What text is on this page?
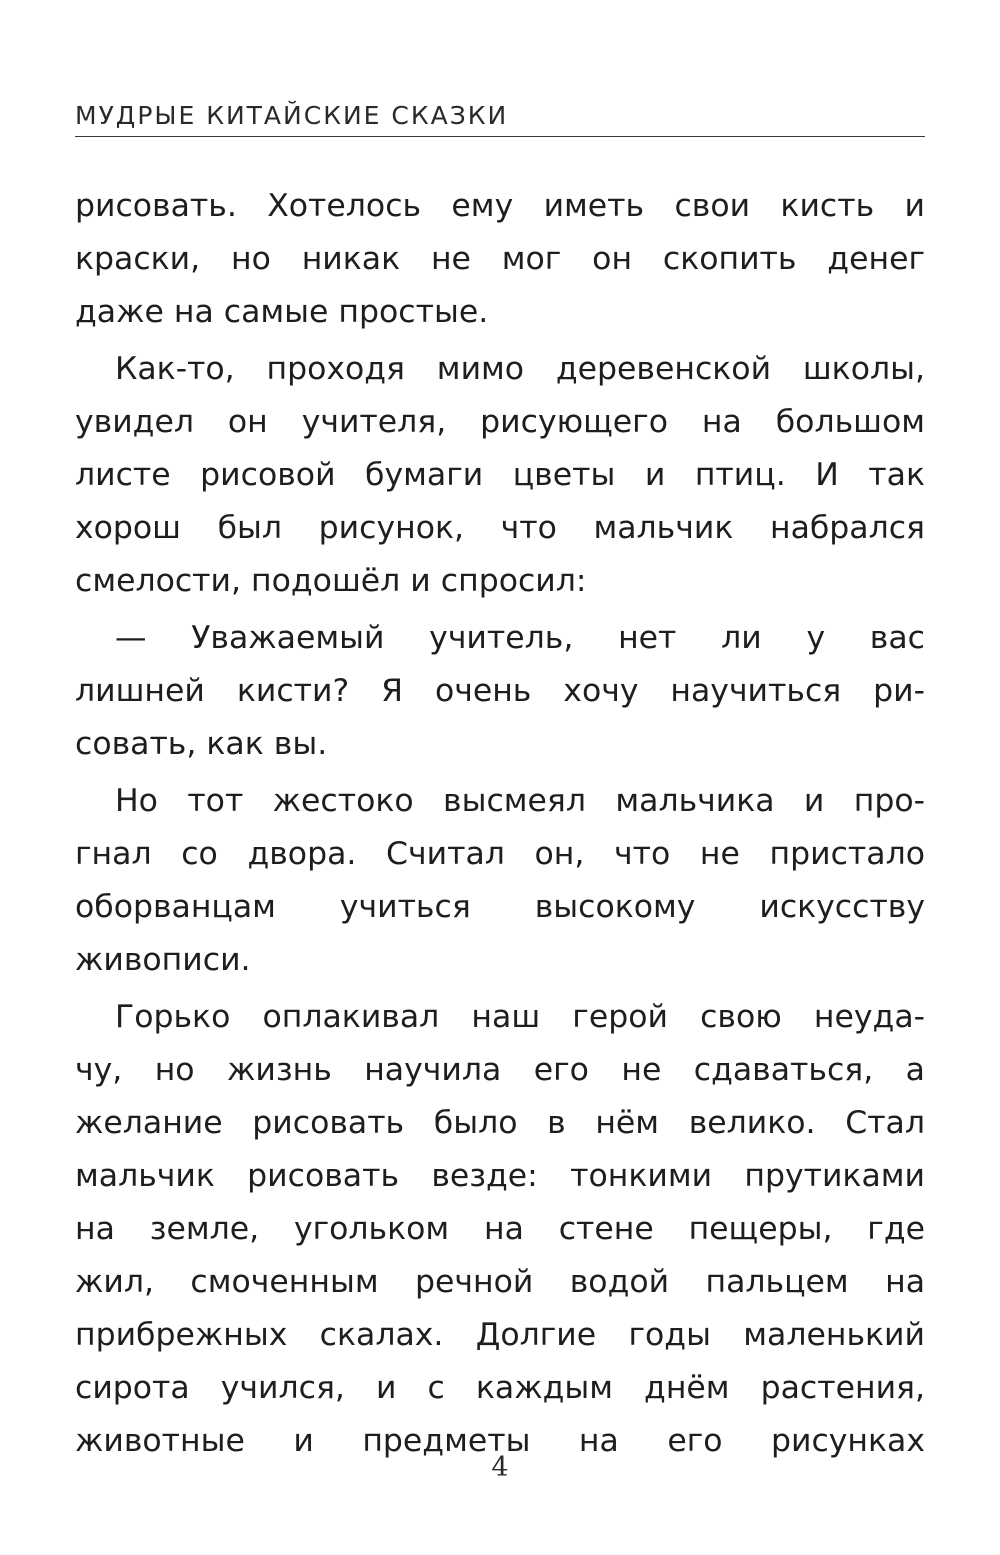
МУДРЫЕ КИТАЙСКИЕ СКАЗКИ
рисовать. Хотелось ему иметь свои кисть и
краски, но никак не мог он скопить денег
даже на самые простые.
Как-то, проходя мимо деревенской школы,
увидел он учителя, рисующего на большом
листе рисовой бумаги цветы и птиц. И так
хорош был рисунок, что мальчик набрался
смелости, подошёл и спросил:
— Уважаемый учитель, нет ли у вас
лишней кисти? Я очень хочу научиться ри-
совать, как вы.
Но тот жестоко высмеял мальчика и про-
гнал со двора. Считал он, что не пристало
оборванцам учиться высокому искусству
живописи.
Горько оплакивал наш герой свою неуда-
чу, но жизнь научила его не сдаваться, а
желание рисовать было в нём велико. Стал
мальчик рисовать везде: тонкими прутиками
на земле, угольком на стене пещеры, где
жил, смоченным речной водой пальцем на
прибрежных скалах. Долгие годы маленький
сирота учился, и с каждым днём растения,
животные и предметы на его рисунках
4
